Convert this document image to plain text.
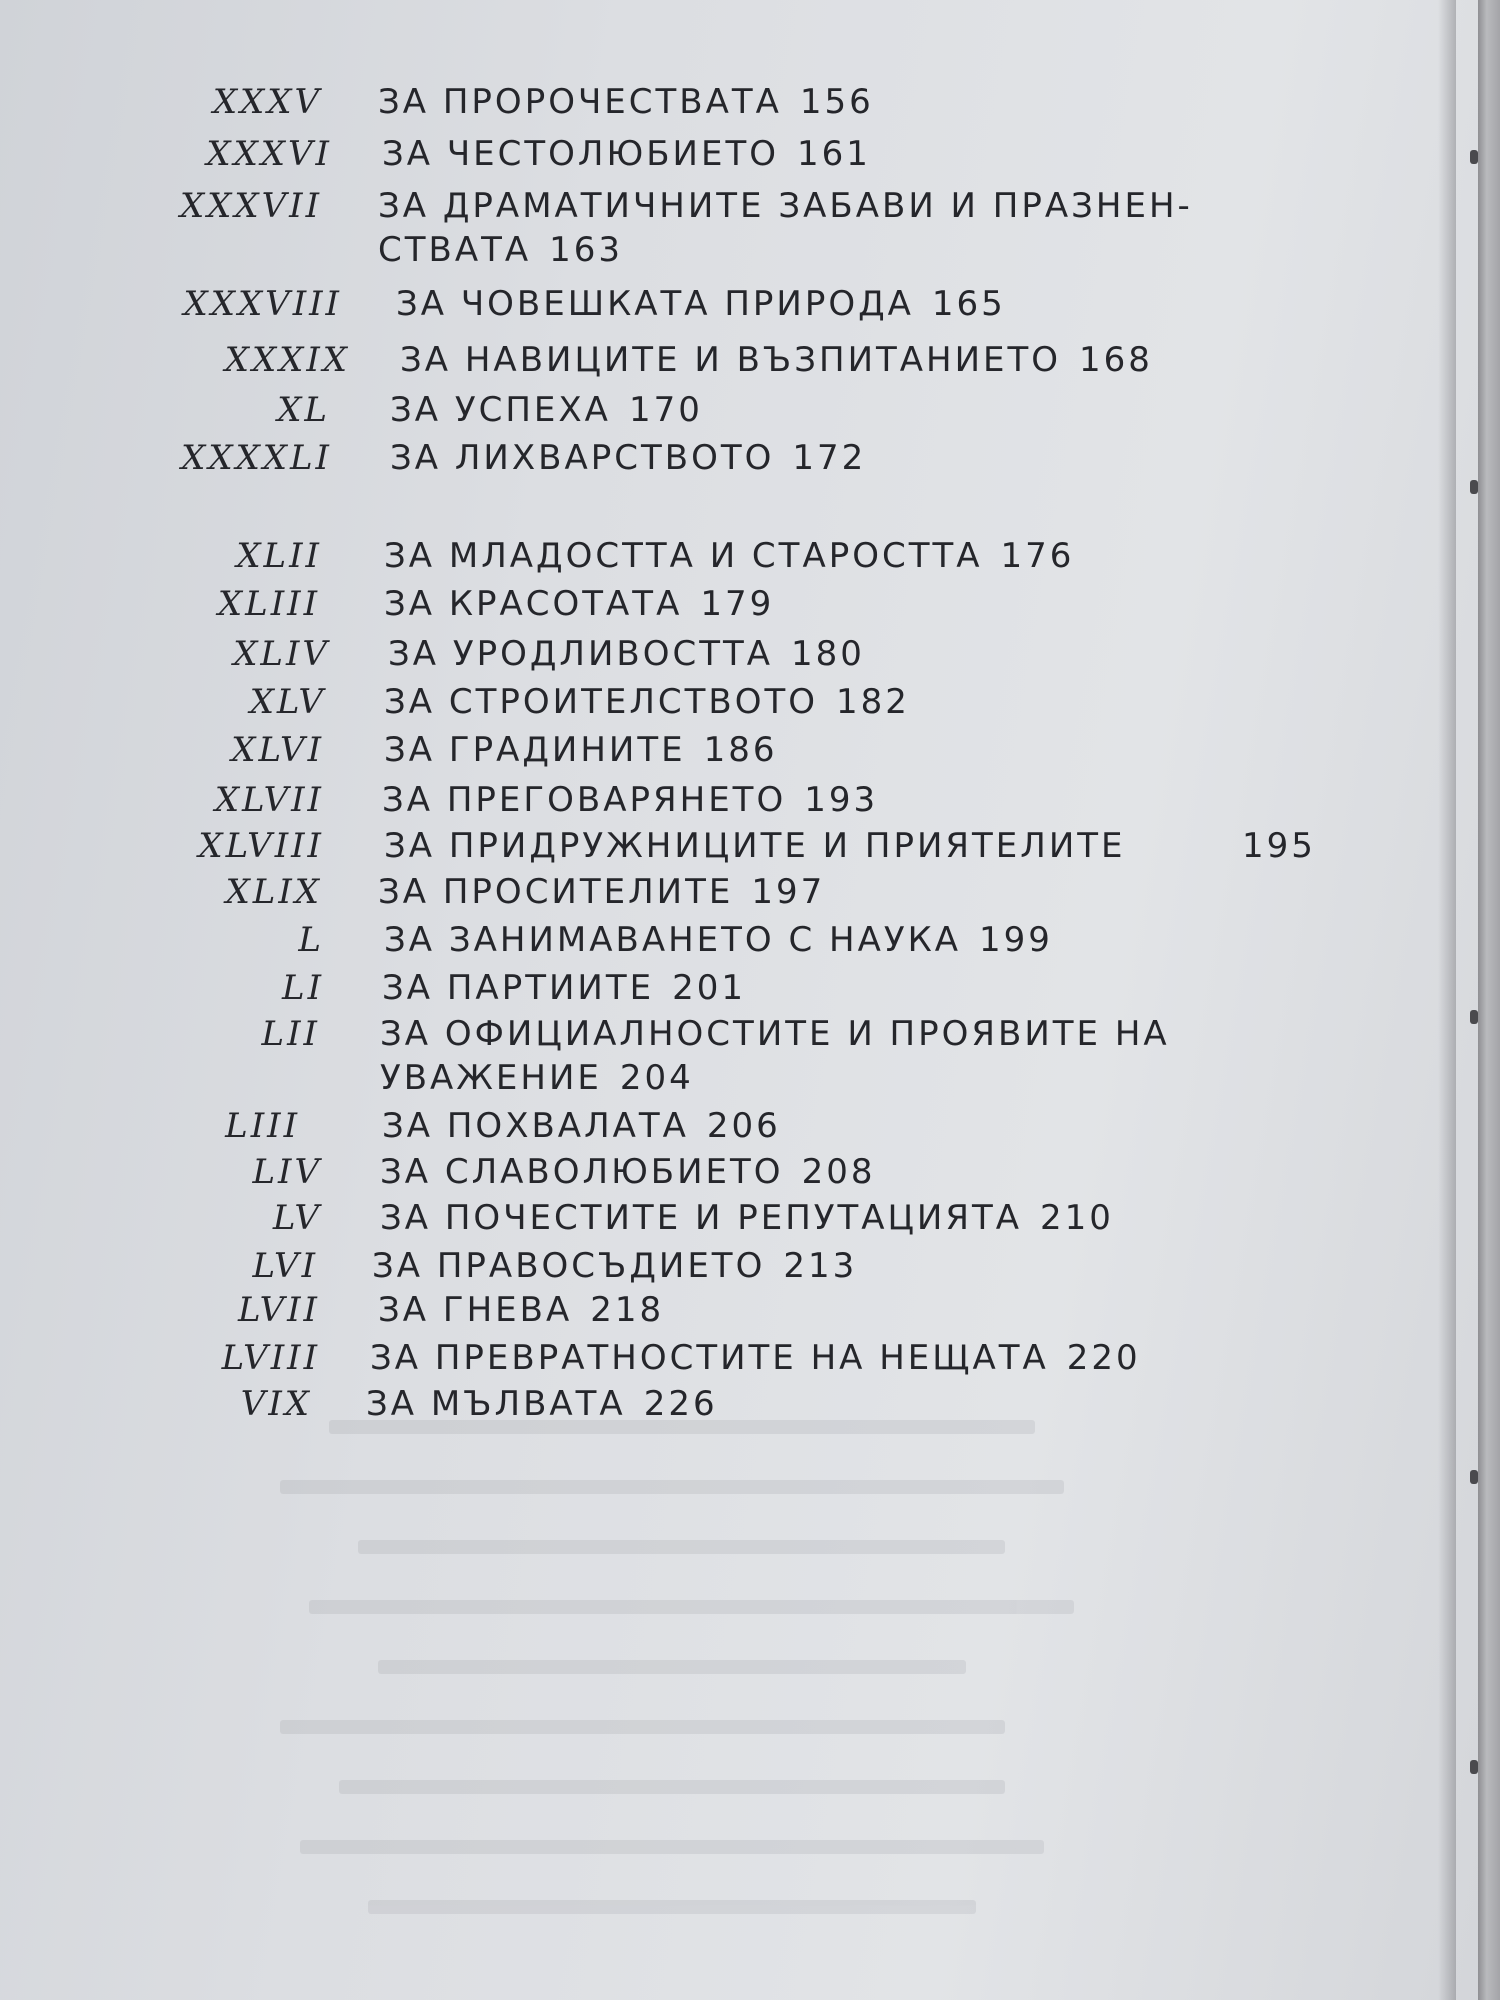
XXXV ЗА ПРОРОЧЕСТВАТА 156
XXXVI ЗА ЧЕСТОЛЮБИЕТО 161
XXXVII ЗА ДРАМАТИЧНИТЕ ЗАБАВИ И ПРАЗНЕН-
СТВАТА 163
XXXVIII ЗА ЧОВЕШКАТА ПРИРОДА 165
XXXIX ЗА НАВИЦИТЕ И ВЪЗПИТАНИЕТО 168
XL ЗА УСПЕХА 170
XXXXLI ЗА ЛИХВАРСТВОТО 172
XLII ЗА МЛАДОСТТА И СТАРОСТТА 176
XLIII ЗА КРАСОТАТА 179
XLIV ЗА УРОДЛИВОСТТА 180
XLV ЗА СТРОИТЕЛСТВОТО 182
XLVI ЗА ГРАДИНИТЕ 186
XLVII ЗА ПРЕГОВАРЯНЕТО 193
XLVIII ЗА ПРИДРУЖНИЦИТЕ И ПРИЯТЕЛИТЕ	195
XLIX ЗА ПРОСИТЕЛИТЕ 197
L ЗА ЗАНИМАВАНЕТО С НАУКА 199
LI ЗА ПАРТИИТЕ 201
LII ЗА ОФИЦИАЛНОСТИТЕ И ПРОЯВИТЕ НА
УВАЖЕНИЕ 204
LIII ЗА ПОХВАЛАТА 206
LIV ЗА СЛАВОЛЮБИЕТО 208
LV ЗА ПОЧЕСТИТЕ И РЕПУТАЦИЯТА 210
LVI ЗА ПРАВОСЪДИЕТО 213
LVII ЗА ГНЕВА 218
LVIII ЗА ПРЕВРАТНОСТИТЕ НА НЕЩАТА 220
VIX ЗА МЪЛВАТА 226
